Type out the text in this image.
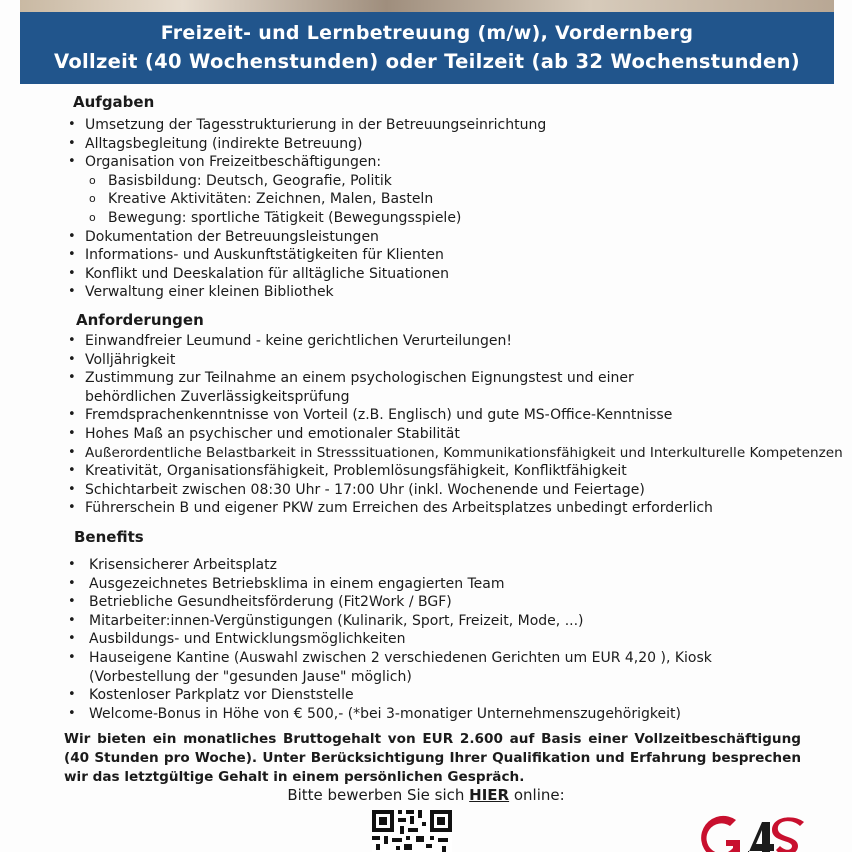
Freizeit- und Lernbetreuung (m/w), Vordernberg
Vollzeit (40 Wochenstunden) oder Teilzeit (ab 32 Wochenstunden)
Aufgaben
• Umsetzung der Tagesstrukturierung in der Betreuungseinrichtung
• Alltagsbegleitung (indirekte Betreuung)
• Organisation von Freizeitbeschäftigungen:
o Basisbildung: Deutsch, Geografie, Politik
o Kreative Aktivitäten: Zeichnen, Malen, Basteln
o Bewegung: sportliche Tätigkeit (Bewegungsspiele)
• Dokumentation der Betreuungsleistungen
• Informations- und Auskunftstätigkeiten für Klienten
• Konflikt und Deeskalation für alltägliche Situationen
• Verwaltung einer kleinen Bibliothek
Anforderungen
• Einwandfreier Leumund - keine gerichtlichen Verurteilungen!
• Volljährigkeit
• Zustimmung zur Teilnahme an einem psychologischen Eignungstest und einer behördlichen Zuverlässigkeitsprüfung
• Fremdsprachenkenntnisse von Vorteil (z.B. Englisch) und gute MS-Office-Kenntnisse
• Hohes Maß an psychischer und emotionaler Stabilität
• Außerordentliche Belastbarkeit in Stresssituationen, Kommunikationsfähigkeit und Interkulturelle Kompetenzen
• Kreativität, Organisationsfähigkeit, Problemlösungsfähigkeit, Konfliktfähigkeit
• Schichtarbeit zwischen 08:30 Uhr - 17:00 Uhr (inkl. Wochenende und Feiertage)
• Führerschein B und eigener PKW zum Erreichen des Arbeitsplatzes unbedingt erforderlich
Benefits
• Krisensicherer Arbeitsplatz
• Ausgezeichnetes Betriebsklima in einem engagierten Team
• Betriebliche Gesundheitsförderung (Fit2Work / BGF)
• Mitarbeiter:innen-Vergünstigungen (Kulinarik, Sport, Freizeit, Mode, ...)
• Ausbildungs- und Entwicklungsmöglichkeiten
• Hauseigene Kantine (Auswahl zwischen 2 verschiedenen Gerichten um EUR 4,20 ), Kiosk (Vorbestellung der "gesunden Jause" möglich)
• Kostenloser Parkplatz vor Dienststelle
• Welcome-Bonus in Höhe von € 500,- (*bei 3-monatiger Unternehmenszugehörigkeit)
Wir bieten ein monatliches Bruttogehalt von EUR 2.600 auf Basis einer Vollzeitbeschäftigung (40 Stunden pro Woche). Unter Berücksichtigung Ihrer Qualifikation und Erfahrung besprechen wir das letztgültige Gehalt in einem persönlichen Gespräch.
Bitte bewerben Sie sich HIER online:
